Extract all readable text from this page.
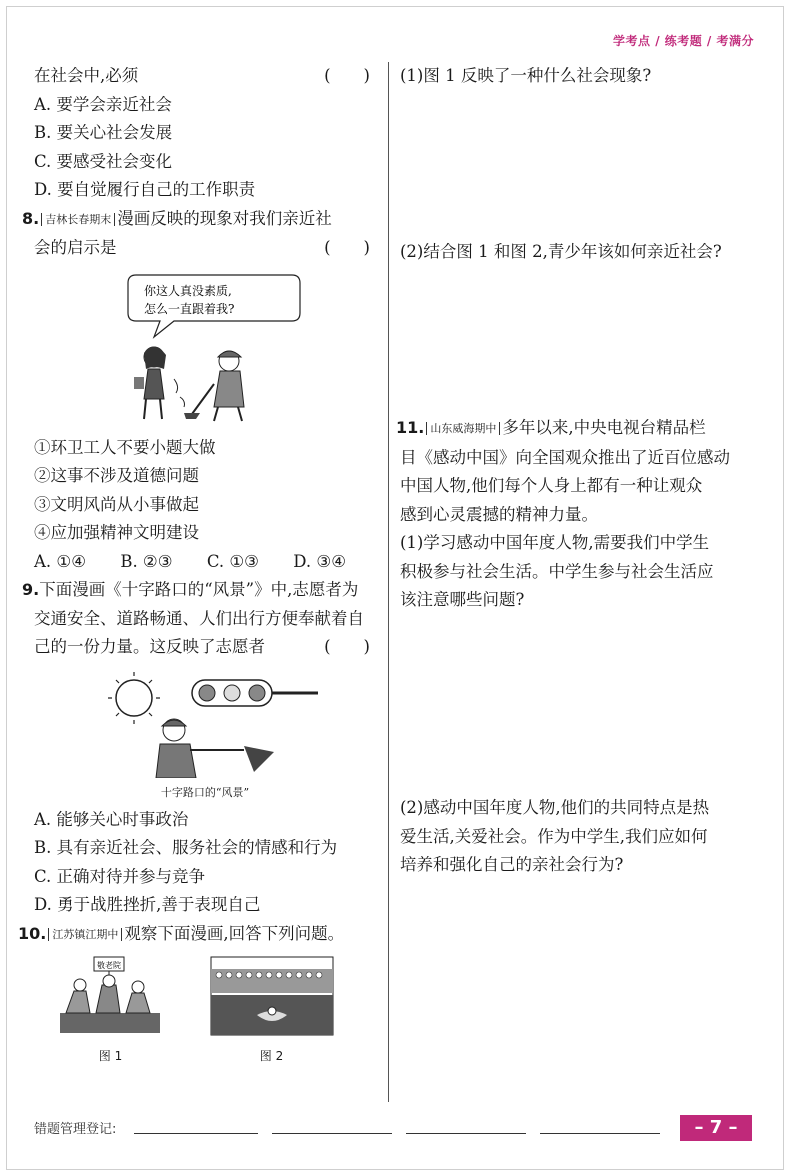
学考点 / 练考题 / 考满分
在社会中,必须	(　　)
A. 要学会亲近社会
B. 要关心社会发展
C. 要感受社会变化
D. 要自觉履行自己的工作职责
8. 吉林长春期末 漫画反映的现象对我们亲近社
会的启示是	(　　)
你这人真没素质,
怎么一直跟着我?
①环卫工人不要小题大做
②这事不涉及道德问题
③文明风尚从小事做起
④应加强精神文明建设
A. ①④ B. ②③ C. ①③ D. ③④
9.下面漫画《十字路口的“风景”》中,志愿者为
交通安全、道路畅通、人们出行方便奉献着自
己的一份力量。这反映了志愿者	(　　)
十字路口的“风景”
A. 能够关心时事政治
B. 具有亲近社会、服务社会的情感和行为
C. 正确对待并参与竞争
D. 勇于战胜挫折,善于表现自己
10. 江苏镇江期中 观察下面漫画,回答下列问题。
敬老院
图 1	图 2
(1)图 1 反映了一种什么社会现象?
(2)结合图 1 和图 2,青少年该如何亲近社会?
11. 山东威海期中 多年以来,中央电视台精品栏
目《感动中国》向全国观众推出了近百位感动
中国人物,他们每个人身上都有一种让观众
感到心灵震撼的精神力量。
(1)学习感动中国年度人物,需要我们中学生
积极参与社会生活。中学生参与社会生活应
该注意哪些问题?
(2)感动中国年度人物,他们的共同特点是热
爱生活,关爱社会。作为中学生,我们应如何
培养和强化自己的亲社会行为?
错题管理登记:	– 7 –
